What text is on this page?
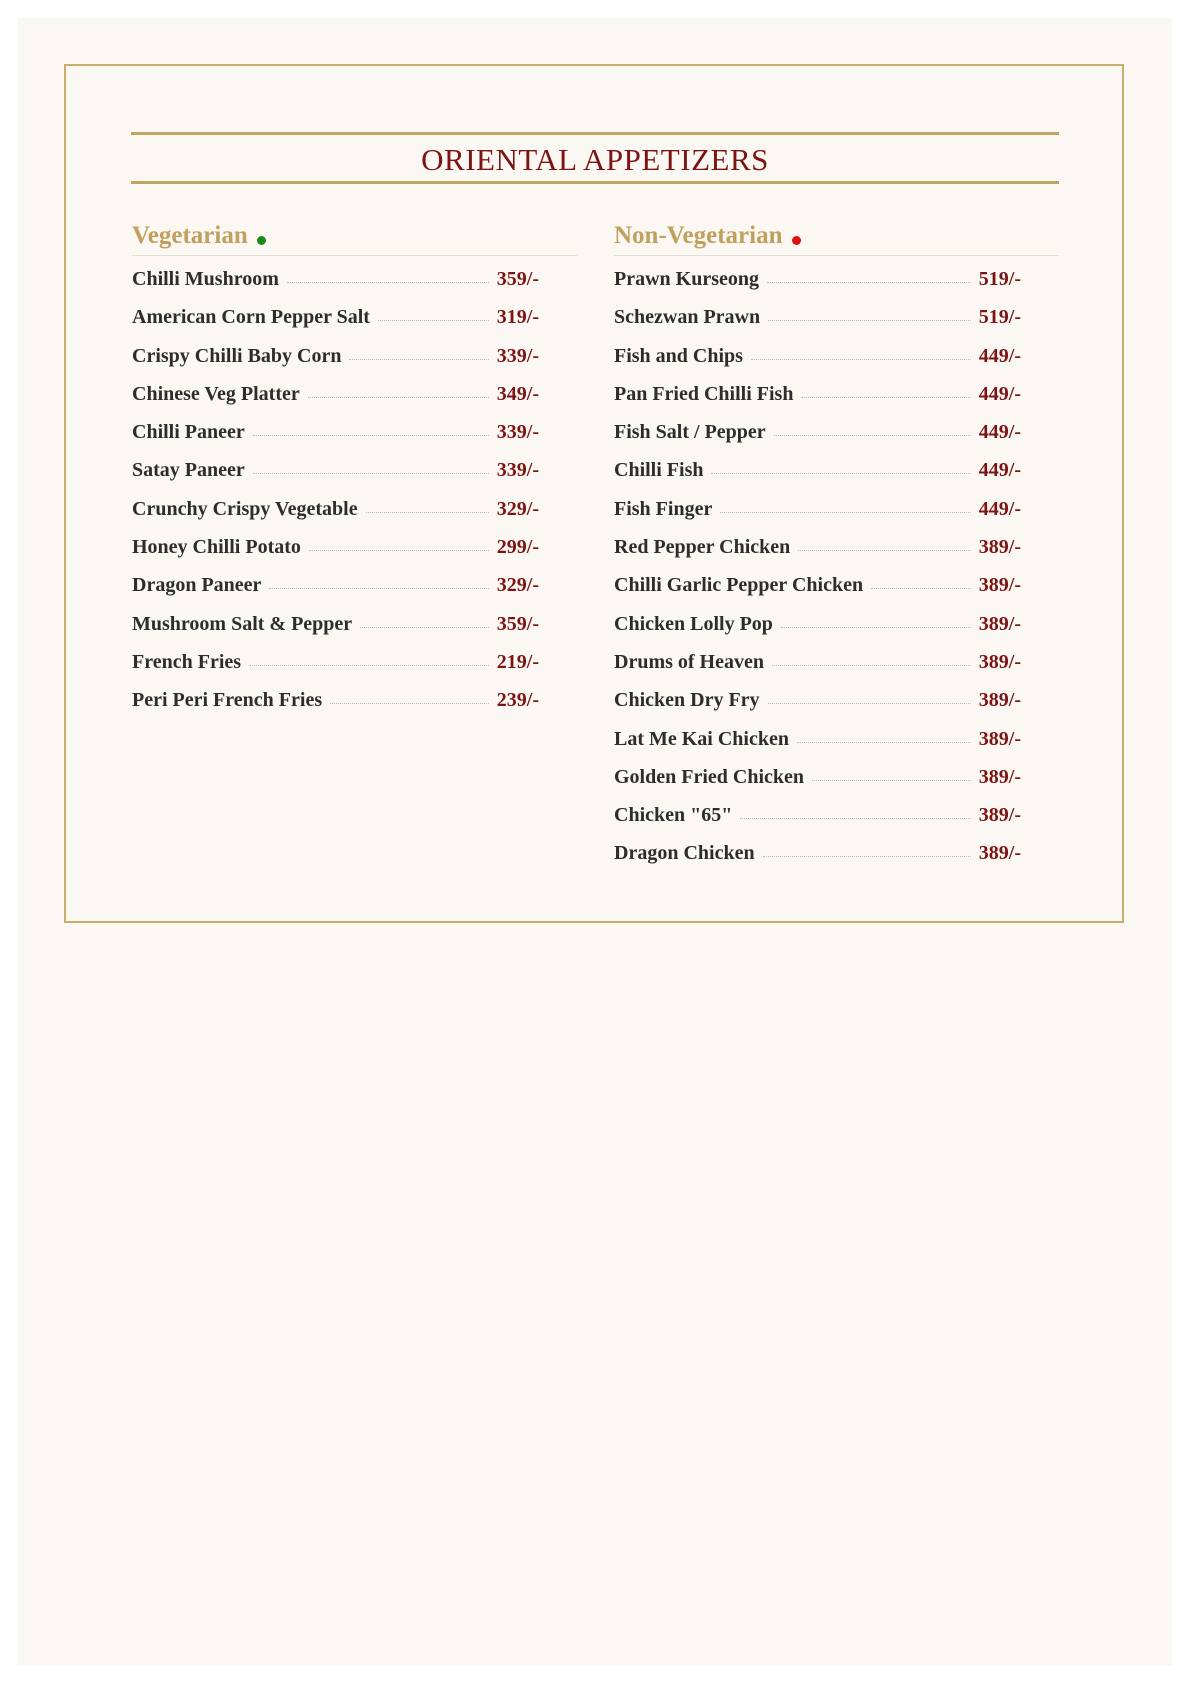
ORIENTAL APPETIZERS
Vegetarian
Chilli Mushroom	359/-
American Corn Pepper Salt	319/-
Crispy Chilli Baby Corn	339/-
Chinese Veg Platter	349/-
Chilli Paneer	339/-
Satay Paneer	339/-
Crunchy Crispy Vegetable	329/-
Honey Chilli Potato	299/-
Dragon Paneer	329/-
Mushroom Salt & Pepper	359/-
French Fries	219/-
Peri Peri French Fries	239/-
Non-Vegetarian
Prawn Kurseong	519/-
Schezwan Prawn	519/-
Fish and Chips	449/-
Pan Fried Chilli Fish	449/-
Fish Salt / Pepper	449/-
Chilli Fish	449/-
Fish Finger	449/-
Red Pepper Chicken	389/-
Chilli Garlic Pepper Chicken	389/-
Chicken Lolly Pop	389/-
Drums of Heaven	389/-
Chicken Dry Fry	389/-
Lat Me Kai Chicken	389/-
Golden Fried Chicken	389/-
Chicken "65"	389/-
Dragon Chicken	389/-
